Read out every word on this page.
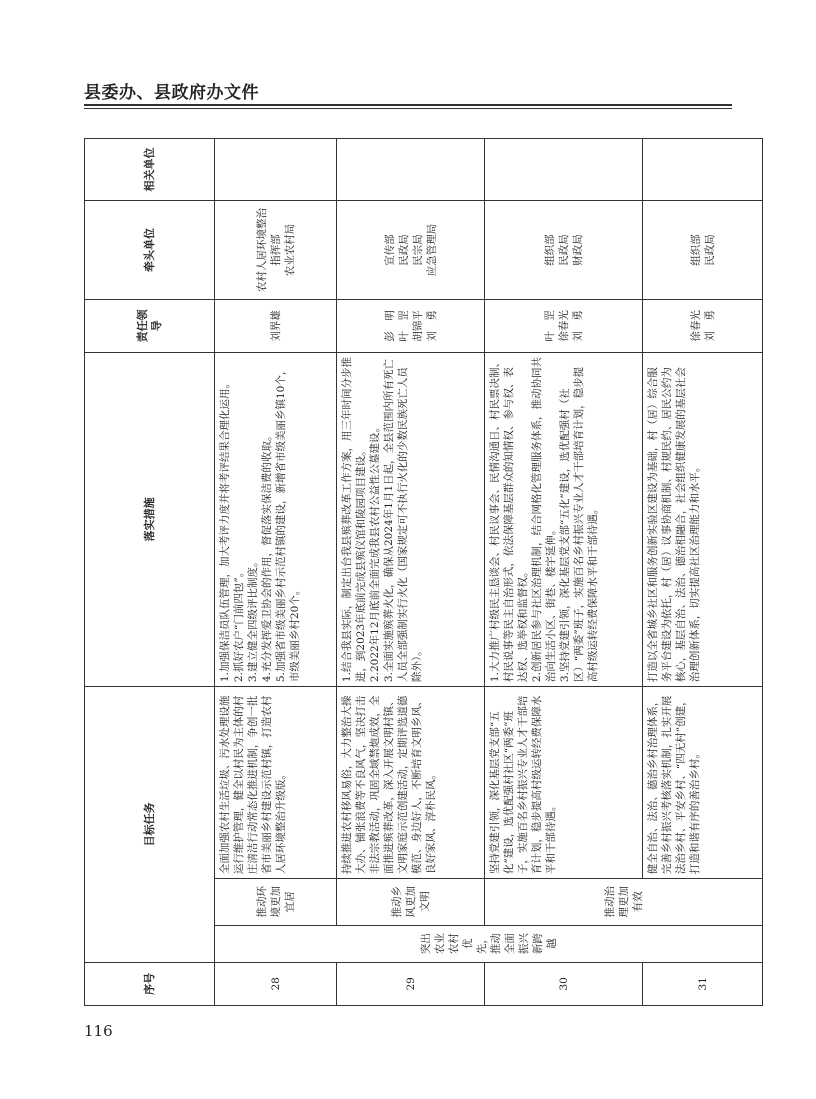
县委办、县政府办文件
序号	目标任务			落实措施	责任领导	牵头单位	相关单位
28	突出农业农村优先，推动全面振兴新跨越	推动环境更加宜居	全面加强农村生活垃圾、污水处理设施运行维护管理，健全以村民为主体的村庄清洁行动常态化推进机制，争创一批省市美丽乡村建设示范村镇，打造农村人居环境整治升级版。	1.加强保洁员队伍管理，加大考评力度并将考评结果合理化运用。 2.抓好农户“门前四包”。 3.建立健全四级评比制度。 4.充分发挥爱卫协会的作用，督促落实保洁费的收取。 5.加强省市级美丽乡村示范村镇的建设，新增省市级美丽乡镇10个，市级美丽乡村20个。	刘界雄	农村人居环境整治指挥部 农业农村局	

29		推动乡风更加文明	持续推进农村移风易俗，大力整治大操大办、铺张浪费等不良风气，坚决打击非法宗教活动，巩固全域禁炮成效，全面推进殡葬改革，深入开展文明村镇、文明家庭示范创建活动，定期评选道德模范、身边好人，不断培育文明乡风、良好家风、淳朴民风。	1.结合我县实际，制定出台我县殡葬改革工作方案，用三年时间分步推进，到2023年底前完成县殡仪馆和陵园项目建设。 2.2022年12月底前全面完成我县农村公益性公墓建设。 3.全面实施殡葬火化，确保从2024年1月1日起，全县范围内所有死亡人员全部强制实行火化（国家规定可不执行火化的少数民族死亡人员除外）。	彭　明 叶　罡 胡锦平 刘　勇	宣传部 民政局 民宗局 应急管理局	

30		推动治理更加有效	坚持党建引领，深化基层党支部“五化”建设，选优配强村社区“两委”班子，实施百名乡村振兴专业人才干部培育计划，稳步提高村级运转经费保障水平和干部待遇。	1.大力推广村级民主恳谈会、村民议事会、民情沟通日、村民票决制、村民说事等民主自治形式，依法保障基层群众的知情权、参与权、表达权、选举权和监督权。 2.创新居民参与社区治理机制，结合网格化管理服务体系，推动协同共治向生活小区、街巷、楼宇延伸。 3.坚持党建引领，深化基层党支部“五化”建设，选优配强村（社区）“两委”班子，实施百名乡村振兴专业人才干部培育计划，稳步提高村级运转经费保障水平和干部待遇。	叶　罡 徐春光 刘　勇	组织部 民政局 财政局	

31			健全自治、法治、德治乡村治理体系，完善乡村振兴考核落实机制，扎实开展法治乡村、平安乡村、“四无村”创建，打造和谐有序的善治乡村。	打造以全省城乡社区和服务创新实验区建设为基础，村（居）综合服务平台建设为依托，村（居）议事协商机制、村规民约、居民公约为核心，基层自治、法治、德治相融合，社会组织健康发展的基层社会治理创新体系，切实提高社区治理能力和水平。	徐春光 刘　勇	组织部 民政局	

116
